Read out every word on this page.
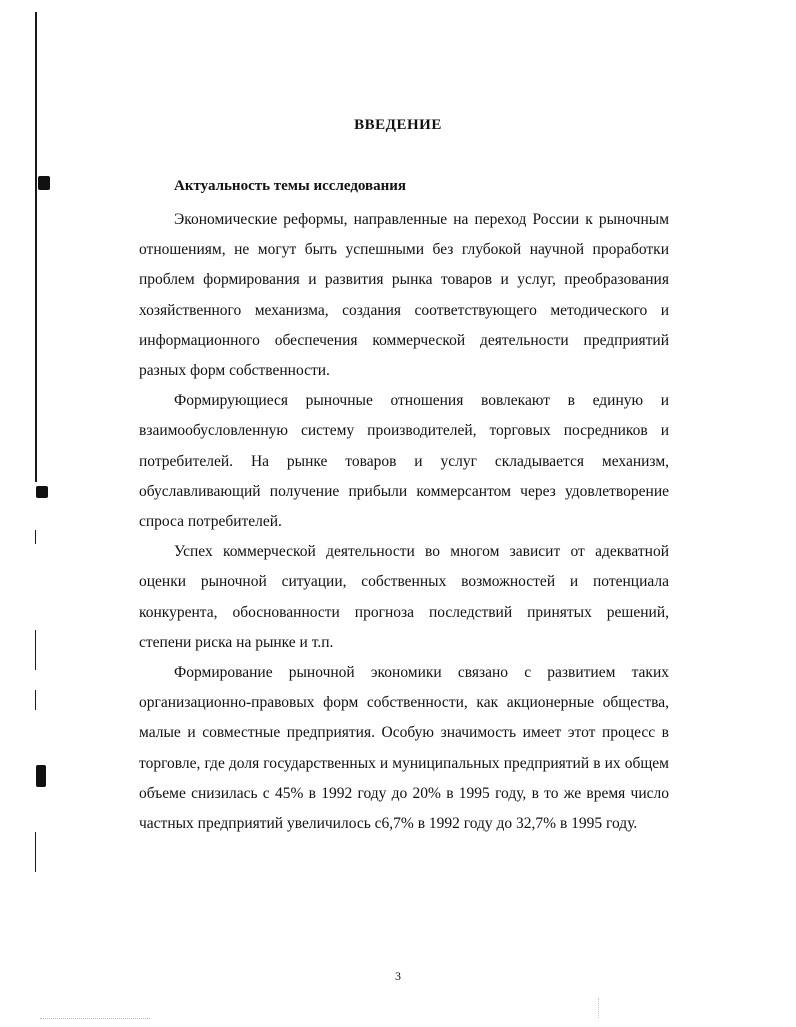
ВВЕДЕНИЕ
Актуальность темы исследования

Экономические реформы, направленные на переход России к рыночным отношениям, не могут быть успешными без глубокой научной проработки проблем формирования и развития рынка товаров и услуг, преобразования хозяйственного механизма, создания соответствующего методического и информационного обеспечения коммерческой деятельности предприятий разных форм собственности.

Формирующиеся рыночные отношения вовлекают в единую и взаимообусловленную систему производителей, торговых посредников и потребителей. На рынке товаров и услуг складывается механизм, обуславливающий получение прибыли коммерсантом через удовлетворение спроса потребителей.

Успех коммерческой деятельности во многом зависит от адекватной оценки рыночной ситуации, собственных возможностей и потенциала конкурента, обоснованности прогноза последствий принятых решений, степени риска на рынке и т.п.

Формирование рыночной экономики связано с развитием таких организационно-правовых форм собственности, как акционерные общества, малые и совместные предприятия. Особую значимость имеет этот процесс в торговле, где доля государственных и муниципальных предприятий в их общем объеме снизилась с 45% в 1992 году до 20% в 1995 году, в то же время число частных предприятий увеличилось с6,7% в 1992 году до 32,7% в 1995 году.

3
